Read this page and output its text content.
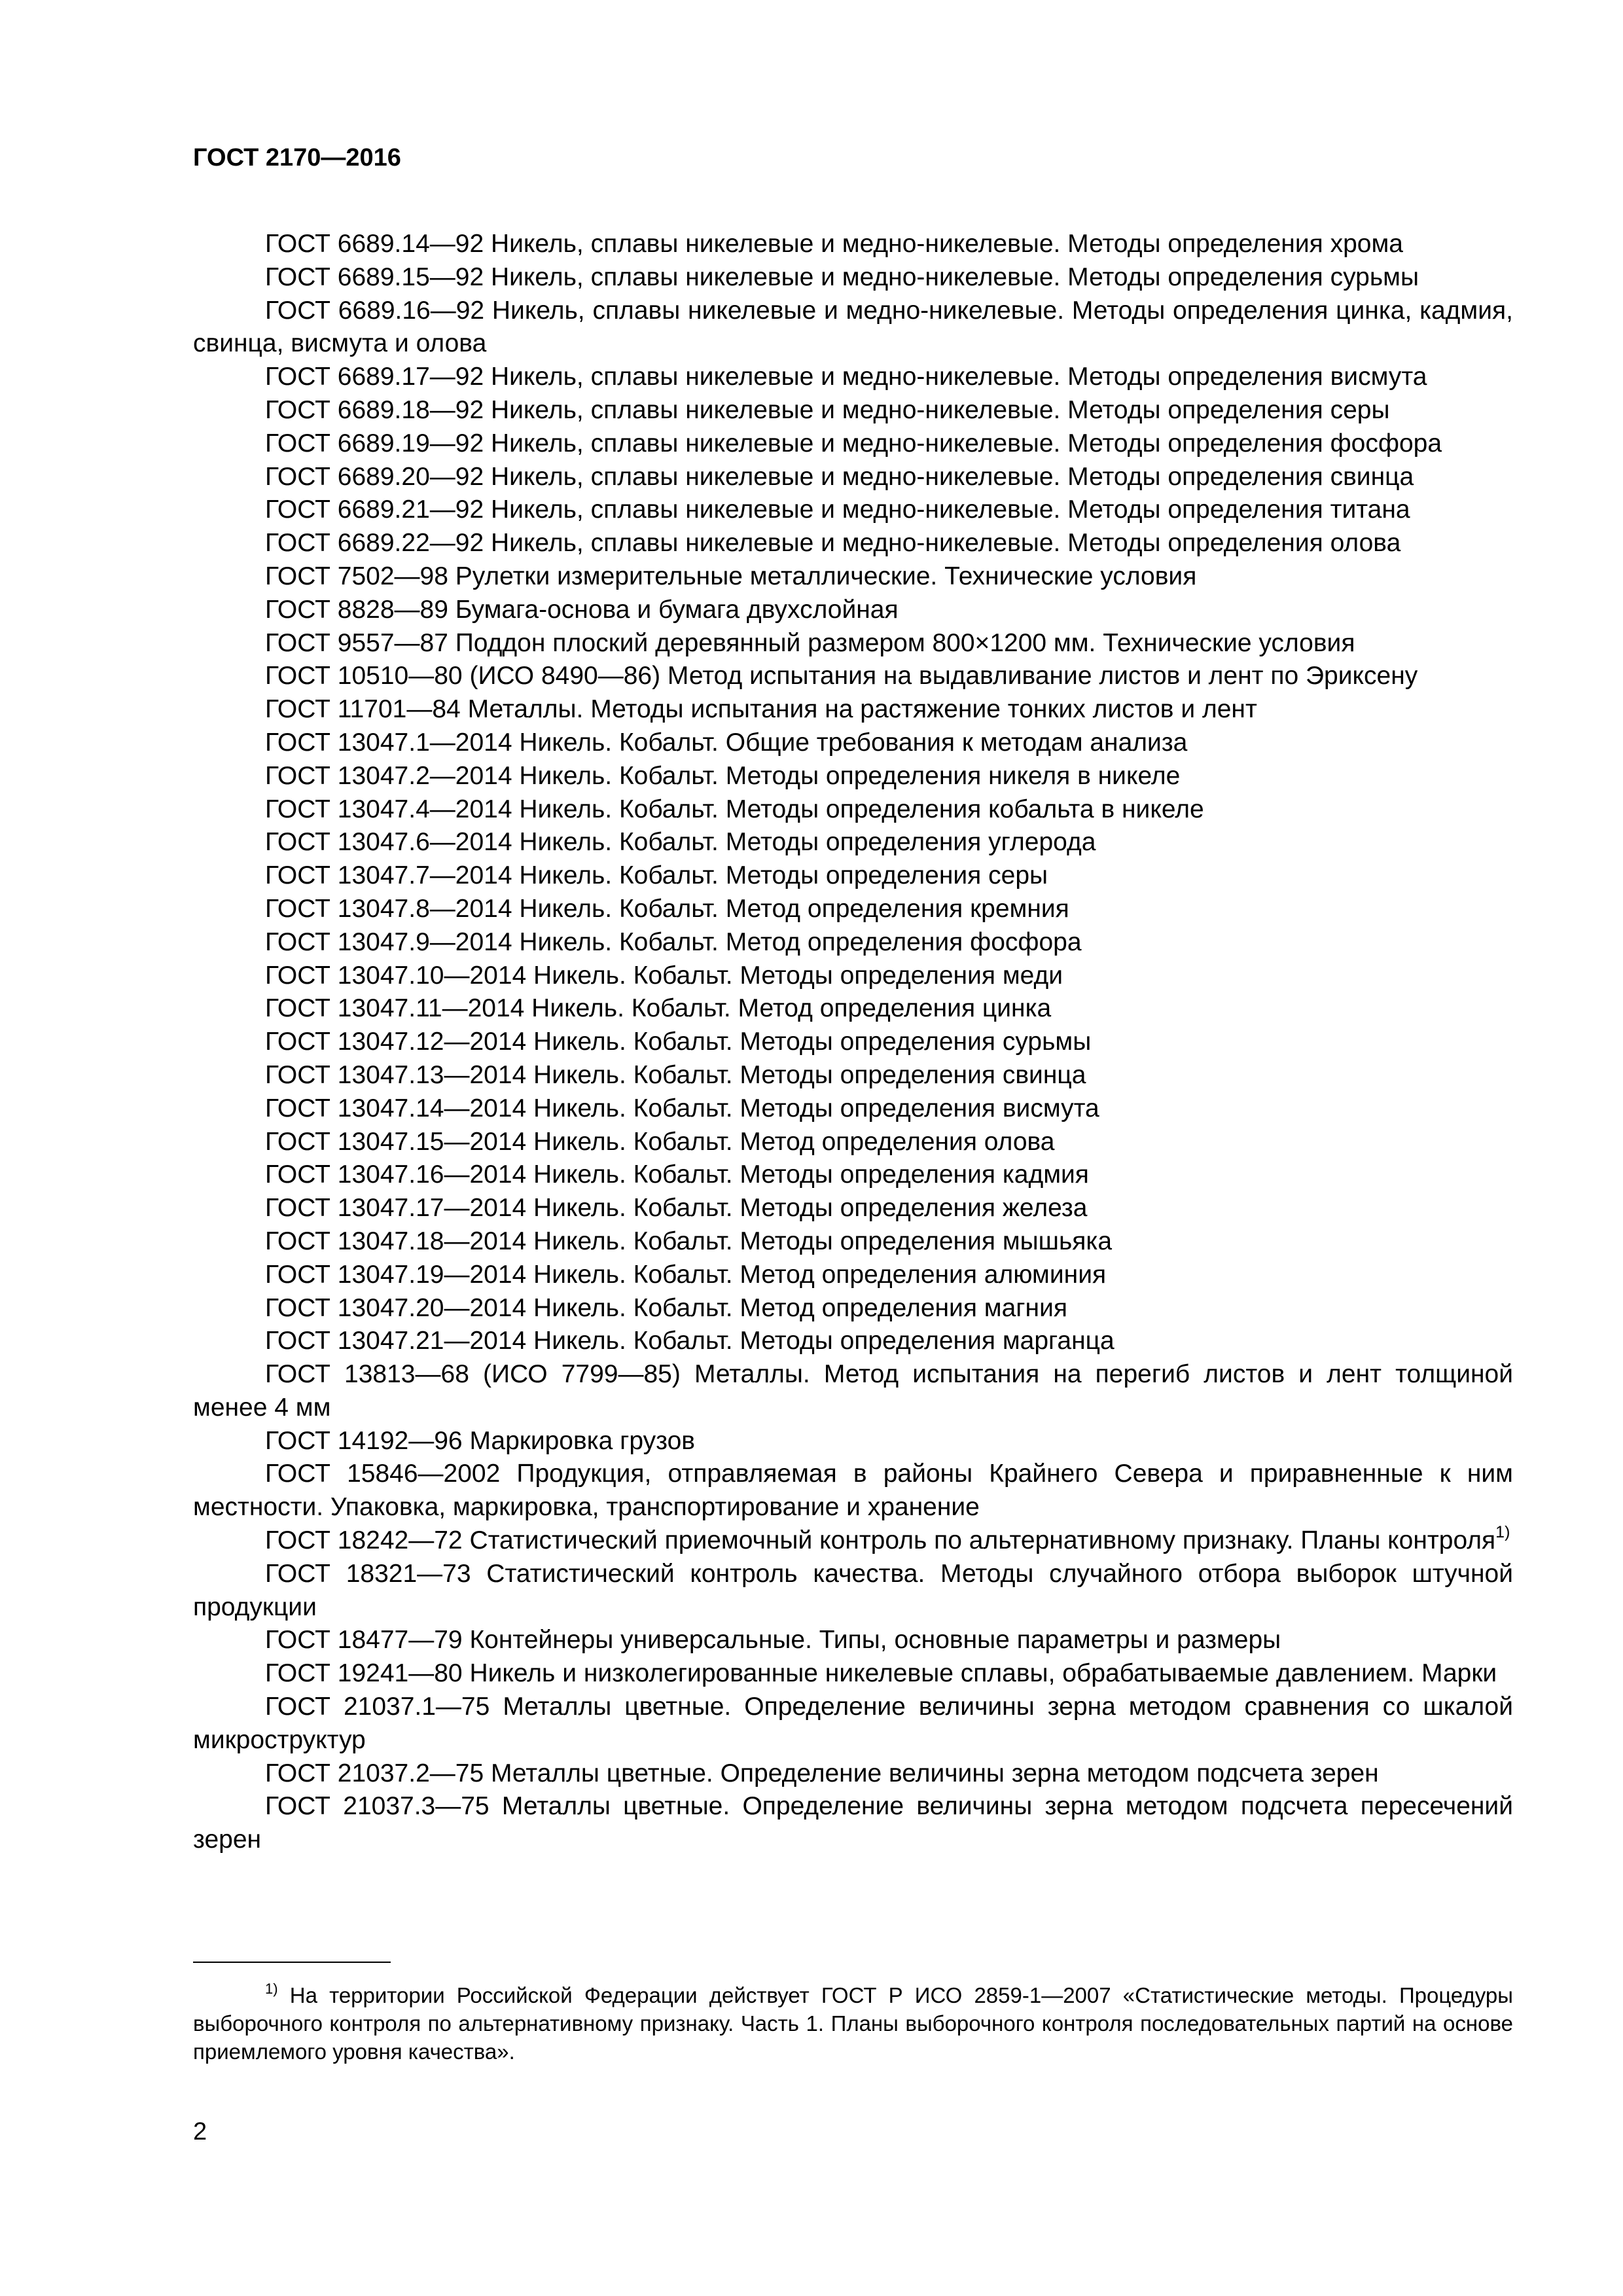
ГОСТ 2170—2016

ГОСТ 6689.14—92 Никель, сплавы никелевые и медно-никелевые. Методы определения хрома

ГОСТ 6689.15—92 Никель, сплавы никелевые и медно-никелевые. Методы определения сурьмы

ГОСТ 6689.16—92 Никель, сплавы никелевые и медно-никелевые. Методы определения цинка, кадмия, свинца, висмута и олова

ГОСТ 6689.17—92 Никель, сплавы никелевые и медно-никелевые. Методы определения висмута

ГОСТ 6689.18—92 Никель, сплавы никелевые и медно-никелевые. Методы определения серы

ГОСТ 6689.19—92 Никель, сплавы никелевые и медно-никелевые. Методы определения фосфора

ГОСТ 6689.20—92 Никель, сплавы никелевые и медно-никелевые. Методы определения свинца

ГОСТ 6689.21—92 Никель, сплавы никелевые и медно-никелевые. Методы определения титана

ГОСТ 6689.22—92 Никель, сплавы никелевые и медно-никелевые. Методы определения олова

ГОСТ 7502—98 Рулетки измерительные металлические. Технические условия

ГОСТ 8828—89 Бумага-основа и бумага двухслойная

ГОСТ 9557—87 Поддон плоский деревянный размером 800×1200 мм. Технические условия

ГОСТ 10510—80 (ИСО 8490—86) Метод испытания на выдавливание листов и лент по Эриксену

ГОСТ 11701—84 Металлы. Методы испытания на растяжение тонких листов и лент

ГОСТ 13047.1—2014 Никель. Кобальт. Общие требования к методам анализа

ГОСТ 13047.2—2014 Никель. Кобальт. Методы определения никеля в никеле

ГОСТ 13047.4—2014 Никель. Кобальт. Методы определения кобальта в никеле

ГОСТ 13047.6—2014 Никель. Кобальт. Методы определения углерода

ГОСТ 13047.7—2014 Никель. Кобальт. Методы определения серы

ГОСТ 13047.8—2014 Никель. Кобальт. Метод определения кремния

ГОСТ 13047.9—2014 Никель. Кобальт. Метод определения фосфора

ГОСТ 13047.10—2014 Никель. Кобальт. Методы определения меди

ГОСТ 13047.11—2014 Никель. Кобальт. Метод определения цинка

ГОСТ 13047.12—2014 Никель. Кобальт. Методы определения сурьмы

ГОСТ 13047.13—2014 Никель. Кобальт. Методы определения свинца

ГОСТ 13047.14—2014 Никель. Кобальт. Методы определения висмута

ГОСТ 13047.15—2014 Никель. Кобальт. Метод определения олова

ГОСТ 13047.16—2014 Никель. Кобальт. Методы определения кадмия

ГОСТ 13047.17—2014 Никель. Кобальт. Методы определения железа

ГОСТ 13047.18—2014 Никель. Кобальт. Методы определения мышьяка

ГОСТ 13047.19—2014 Никель. Кобальт. Метод определения алюминия

ГОСТ 13047.20—2014 Никель. Кобальт. Метод определения магния

ГОСТ 13047.21—2014 Никель. Кобальт. Методы определения марганца

ГОСТ 13813—68 (ИСО 7799—85) Металлы. Метод испытания на перегиб листов и лент толщиной менее 4 мм

ГОСТ 14192—96 Маркировка грузов

ГОСТ 15846—2002 Продукция, отправляемая в районы Крайнего Севера и приравненные к ним местности. Упаковка, маркировка, транспортирование и хранение

ГОСТ 18242—72 Статистический приемочный контроль по альтернативному признаку. Планы контроля$^{1)}$

ГОСТ 18321—73 Статистический контроль качества. Методы случайного отбора выборок штучной продукции

ГОСТ 18477—79 Контейнеры универсальные. Типы, основные параметры и размеры

ГОСТ 19241—80 Никель и низколегированные никелевые сплавы, обрабатываемые давлением. Марки

ГОСТ 21037.1—75 Металлы цветные. Определение величины зерна методом сравнения со шкалой микроструктур

ГОСТ 21037.2—75 Металлы цветные. Определение величины зерна методом подсчета зерен

ГОСТ 21037.3—75 Металлы цветные. Определение величины зерна методом подсчета пересечений зерен

$^{1)}$ На территории Российской Федерации действует ГОСТ Р ИСО 2859-1—2007 «Статистические методы. Процедуры выборочного контроля по альтернативному признаку. Часть 1. Планы выборочного контроля последовательных партий на основе приемлемого уровня качества».

2
